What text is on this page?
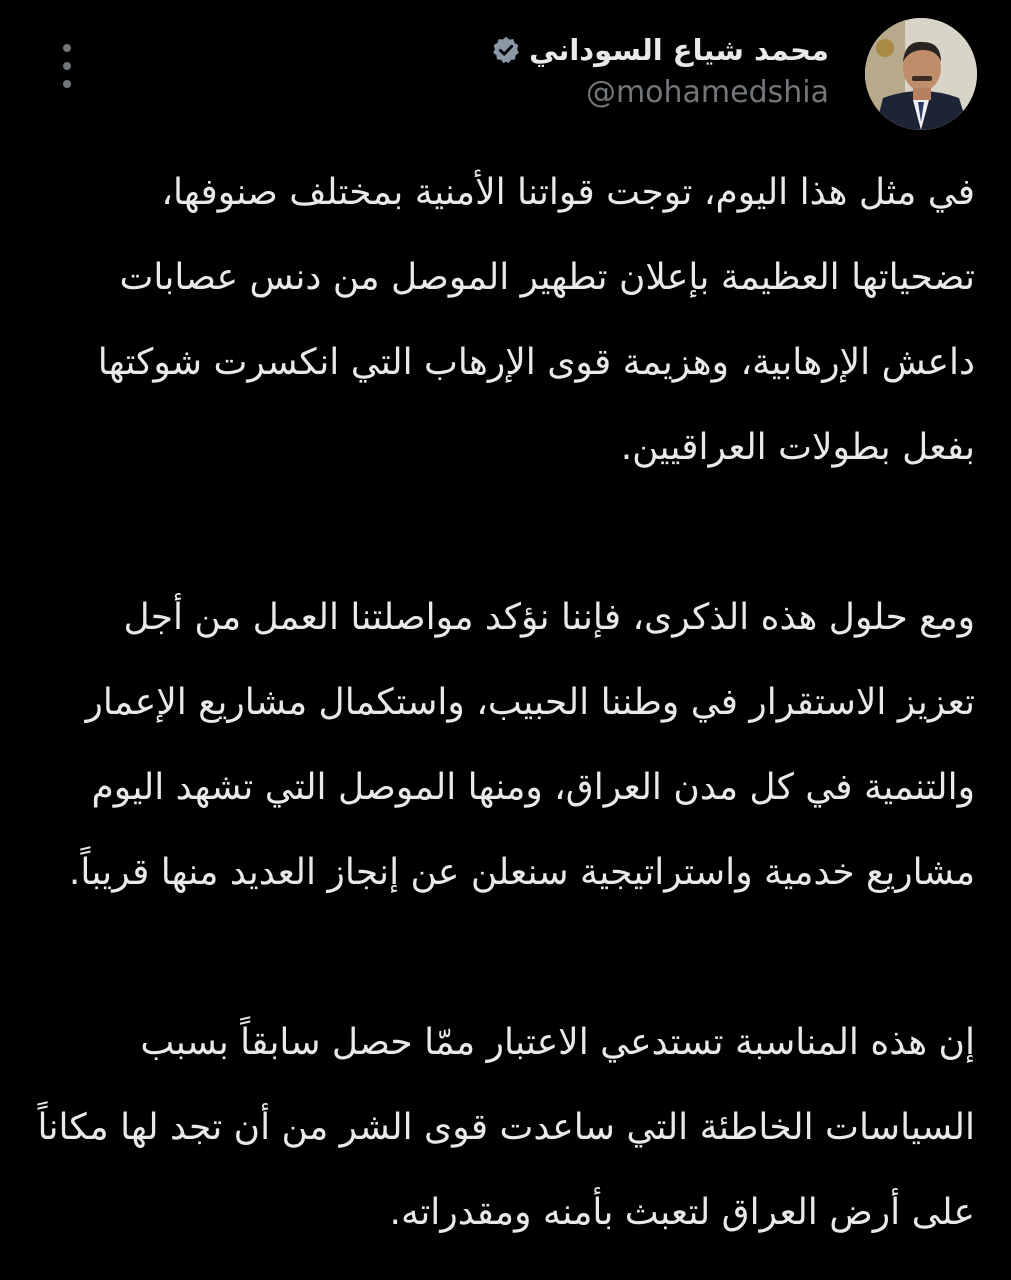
محمد شياع السوداني
@mohamedshia

في مثل هذا اليوم، توجت قواتنا الأمنية بمختلف صنوفها، تضحياتها العظيمة بإعلان تطهير الموصل من دنس عصابات داعش الإرهابية، وهزيمة قوى الإرهاب التي انكسرت شوكتها بفعل بطولات العراقيين.

ومع حلول هذه الذكرى، فإننا نؤكد مواصلتنا العمل من أجل تعزيز الاستقرار في وطننا الحبيب، واستكمال مشاريع الإعمار والتنمية في كل مدن العراق، ومنها الموصل التي تشهد اليوم مشاريع خدمية واستراتيجية سنعلن عن إنجاز العديد منها قريباً.

إن هذه المناسبة تستدعي الاعتبار ممّا حصل سابقاً بسبب السياسات الخاطئة التي ساعدت قوى الشر من أن تجد لها مكاناً على أرض العراق لتعبث بأمنه ومقدراته.
